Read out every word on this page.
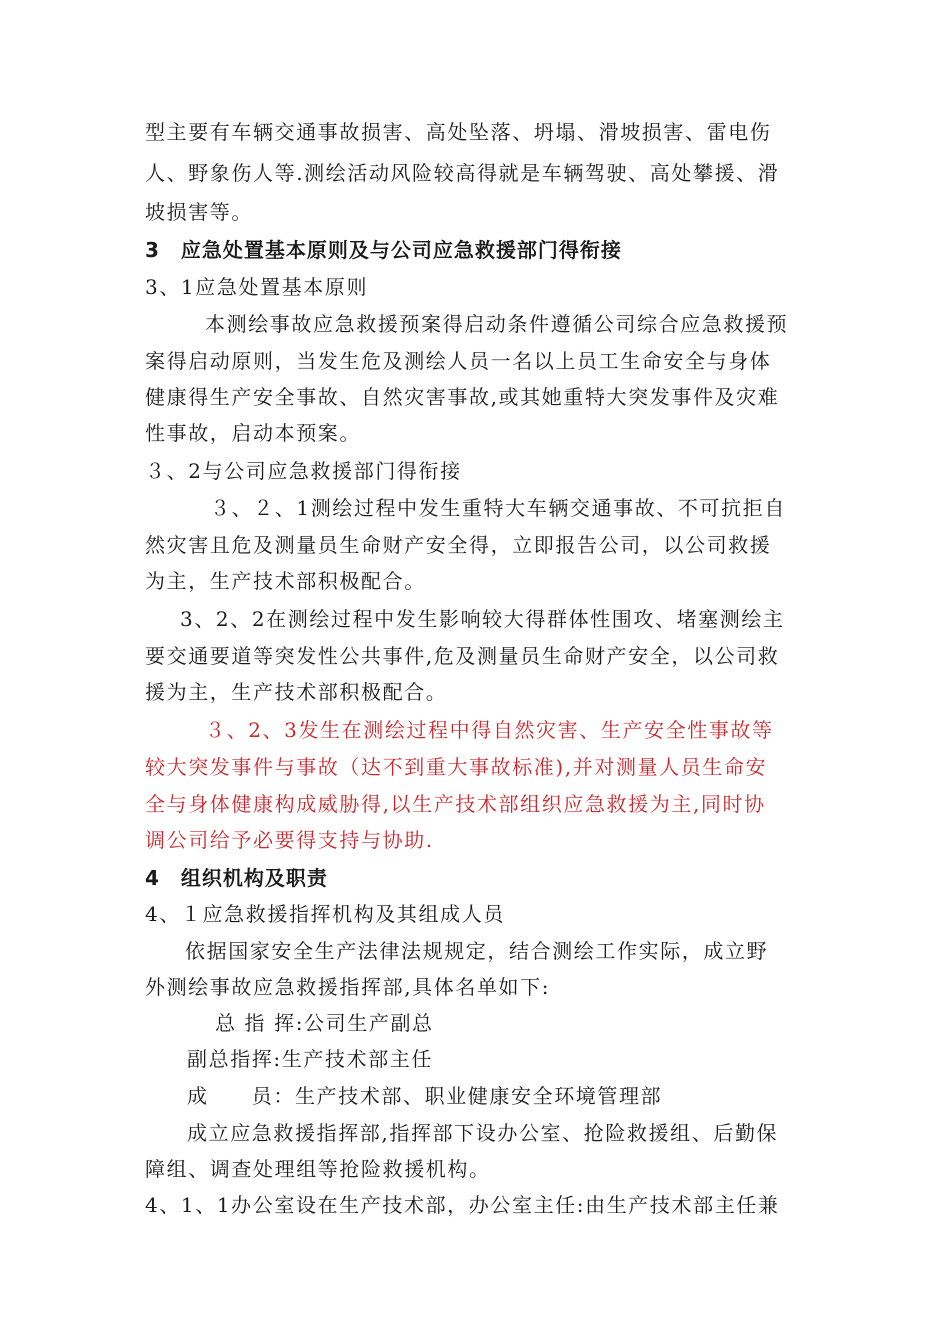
型主要有车辆交通事故损害、高处坠落、坍塌、滑坡损害、雷电伤
人、野象伤人等.测绘活动风险较高得就是车辆驾驶、高处攀援、滑
坡损害等。
3　应急处置基本原则及与公司应急救援部门得衔接
3、1应急处置基本原则
本测绘事故应急救援预案得启动条件遵循公司综合应急救援预
案得启动原则，当发生危及测绘人员一名以上员工生命安全与身体
健康得生产安全事故、自然灾害事故,或其她重特大突发事件及灾难
性事故，启动本预案。
３、2与公司应急救援部门得衔接
３、２、1测绘过程中发生重特大车辆交通事故、不可抗拒自
然灾害且危及测量员生命财产安全得，立即报告公司，以公司救援
为主，生产技术部积极配合。
3、2、2在测绘过程中发生影响较大得群体性围攻、堵塞测绘主
要交通要道等突发性公共事件,危及测量员生命财产安全，以公司救
援为主，生产技术部积极配合。
３、2、3发生在测绘过程中得自然灾害、生产安全性事故等
较大突发事件与事故（达不到重大事故标准),并对测量人员生命安
全与身体健康构成威胁得,以生产技术部组织应急救援为主,同时协
调公司给予必要得支持与协助.
4　组织机构及职责
4、１应急救援指挥机构及其组成人员
依据国家安全生产法律法规规定，结合测绘工作实际，成立野
外测绘事故应急救援指挥部,具体名单如下:
总 指 挥:公司生产副总
副总指挥:生产技术部主任
成　　员：生产技术部、职业健康安全环境管理部
成立应急救援指挥部,指挥部下设办公室、抢险救援组、后勤保
障组、调查处理组等抢险救援机构。
4、1、1办公室设在生产技术部，办公室主任:由生产技术部主任兼
